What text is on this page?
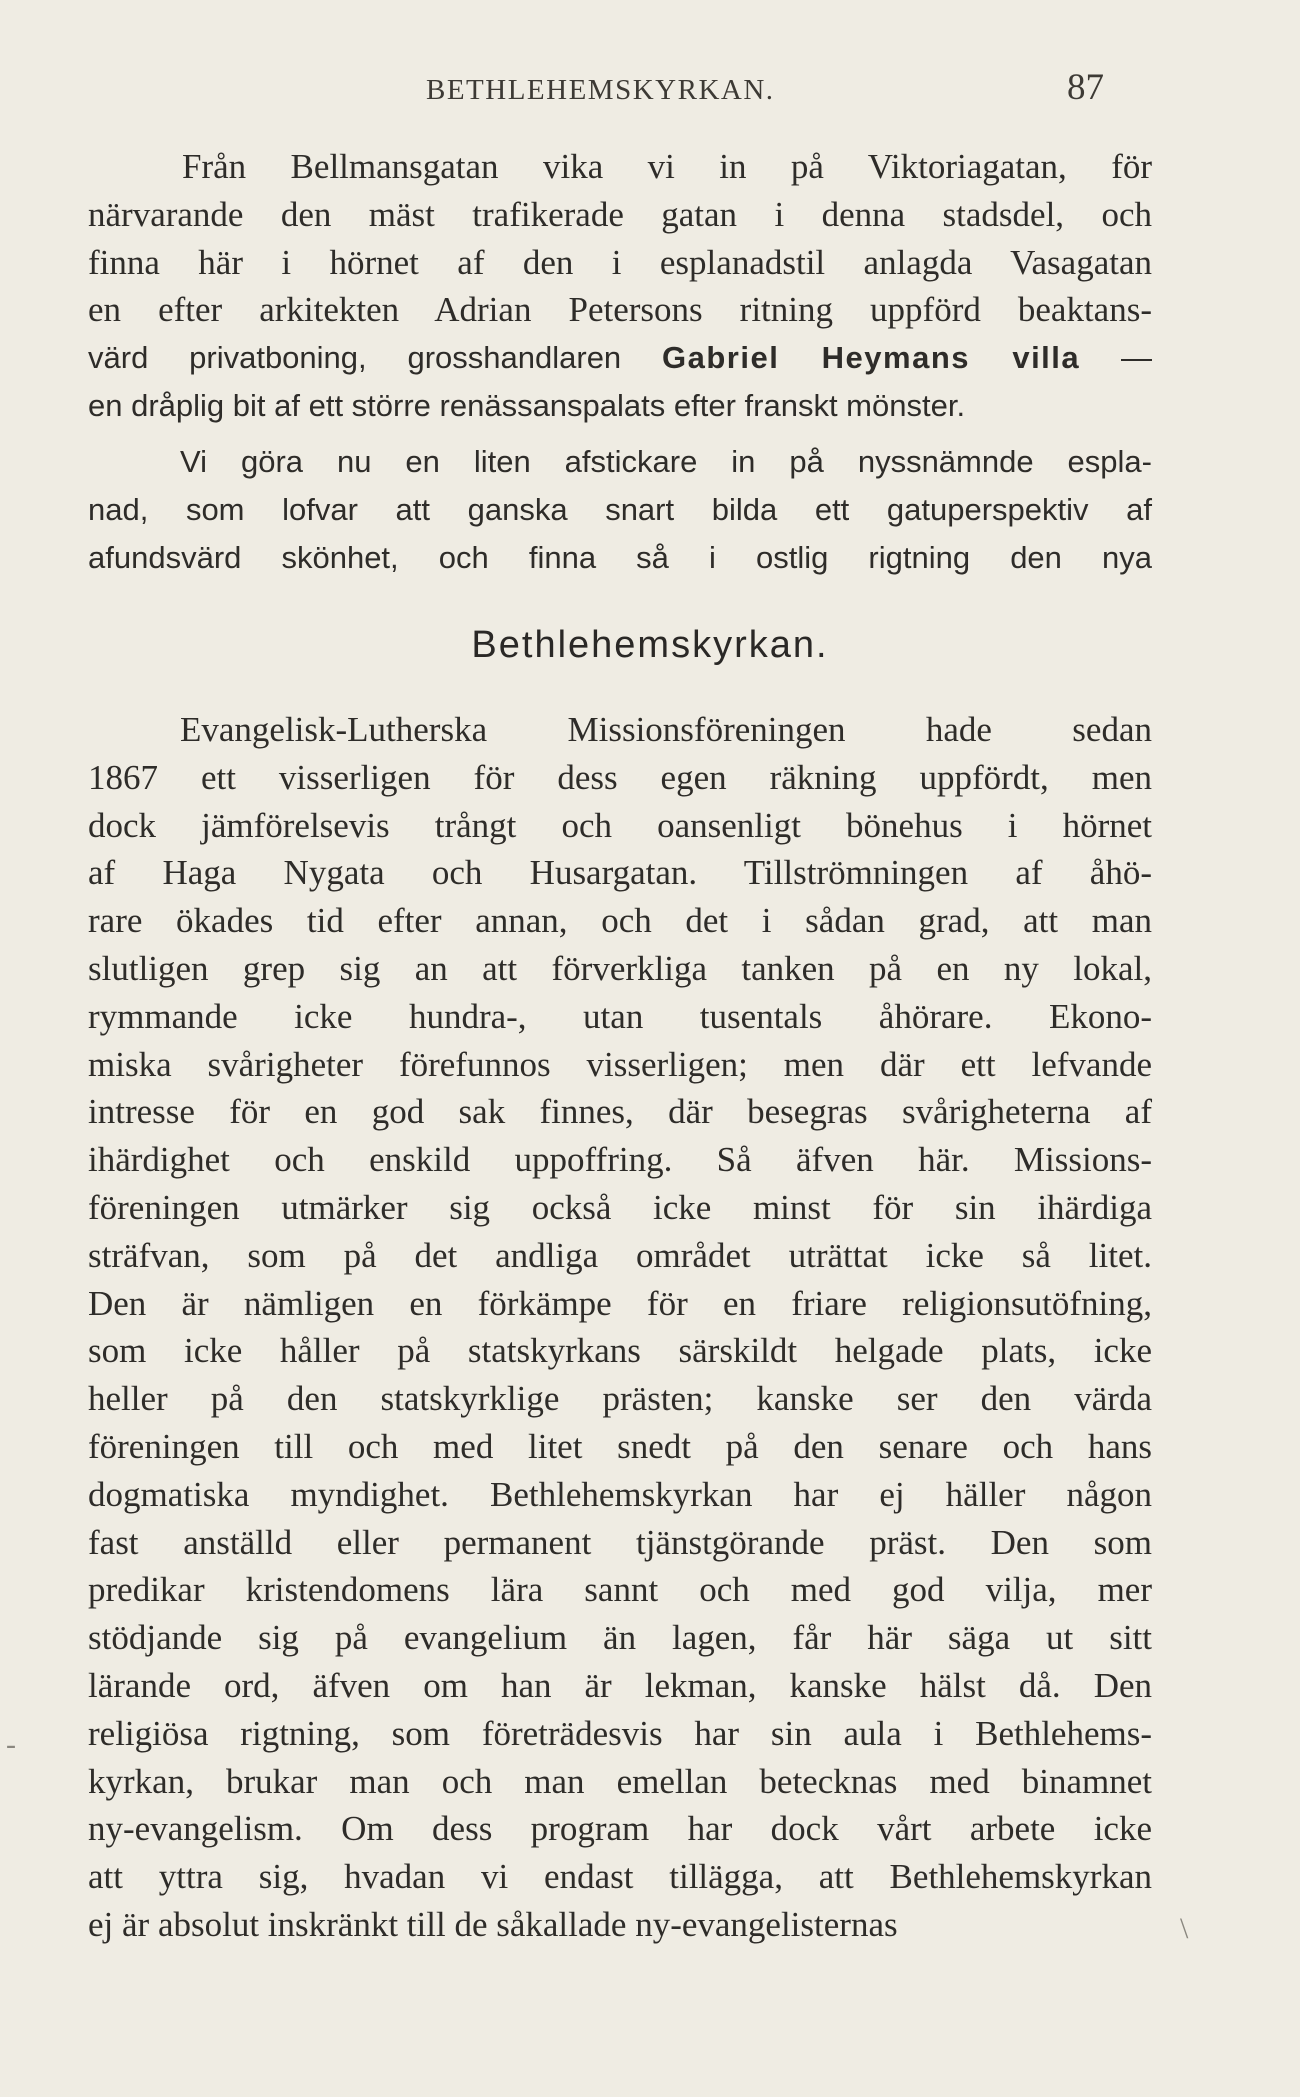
BETHLEHEMSKYRKAN.	87
Från Bellmansgatan vika vi in på Viktoriagatan, för
närvarande den mäst trafikerade gatan i denna stadsdel, och
finna här i hörnet af den i esplanadstil anlagda Vasagatan
en efter arkitekten Adrian Petersons ritning uppförd beaktans-
värd privatboning, grosshandlaren Gabriel Heymans villa —
en dråplig bit af ett större renässanspalats efter franskt mönster.
Vi göra nu en liten afstickare in på nyssnämnde espla-
nad, som lofvar att ganska snart bilda ett gatuperspektiv af
afundsvärd skönhet, och finna så i ostlig rigtning den nya
Bethlehemskyrkan.
Evangelisk-Lutherska Missionsföreningen hade sedan
1867 ett visserligen för dess egen räkning uppfördt, men
dock jämförelsevis trångt och oansenligt bönehus i hörnet
af Haga Nygata och Husargatan. Tillströmningen af åhö-
rare ökades tid efter annan, och det i sådan grad, att man
slutligen grep sig an att förverkliga tanken på en ny lokal,
rymmande icke hundra-, utan tusentals åhörare. Ekono-
miska svårigheter förefunnos visserligen; men där ett lefvande
intresse för en god sak finnes, där besegras svårigheterna af
ihärdighet och enskild uppoffring. Så äfven här. Missions-
föreningen utmärker sig också icke minst för sin ihärdiga
sträfvan, som på det andliga området uträttat icke så litet.
Den är nämligen en förkämpe för en friare religionsutöfning,
som icke håller på statskyrkans särskildt helgade plats, icke
heller på den statskyrklige prästen; kanske ser den värda
föreningen till och med litet snedt på den senare och hans
dogmatiska myndighet. Bethlehemskyrkan har ej häller någon
fast anställd eller permanent tjänstgörande präst. Den som
predikar kristendomens lära sannt och med god vilja, mer
stödjande sig på evangelium än lagen, får här säga ut sitt
lärande ord, äfven om han är lekman, kanske hälst då. Den
religiösa rigtning, som företrädesvis har sin aula i Bethlehems-
kyrkan, brukar man och man emellan betecknas med binamnet
ny-evangelism. Om dess program har dock vårt arbete icke
att yttra sig, hvadan vi endast tillägga, att Bethlehemskyrkan
ej är absolut inskränkt till de såkallade ny-evangelisternas
-
\
